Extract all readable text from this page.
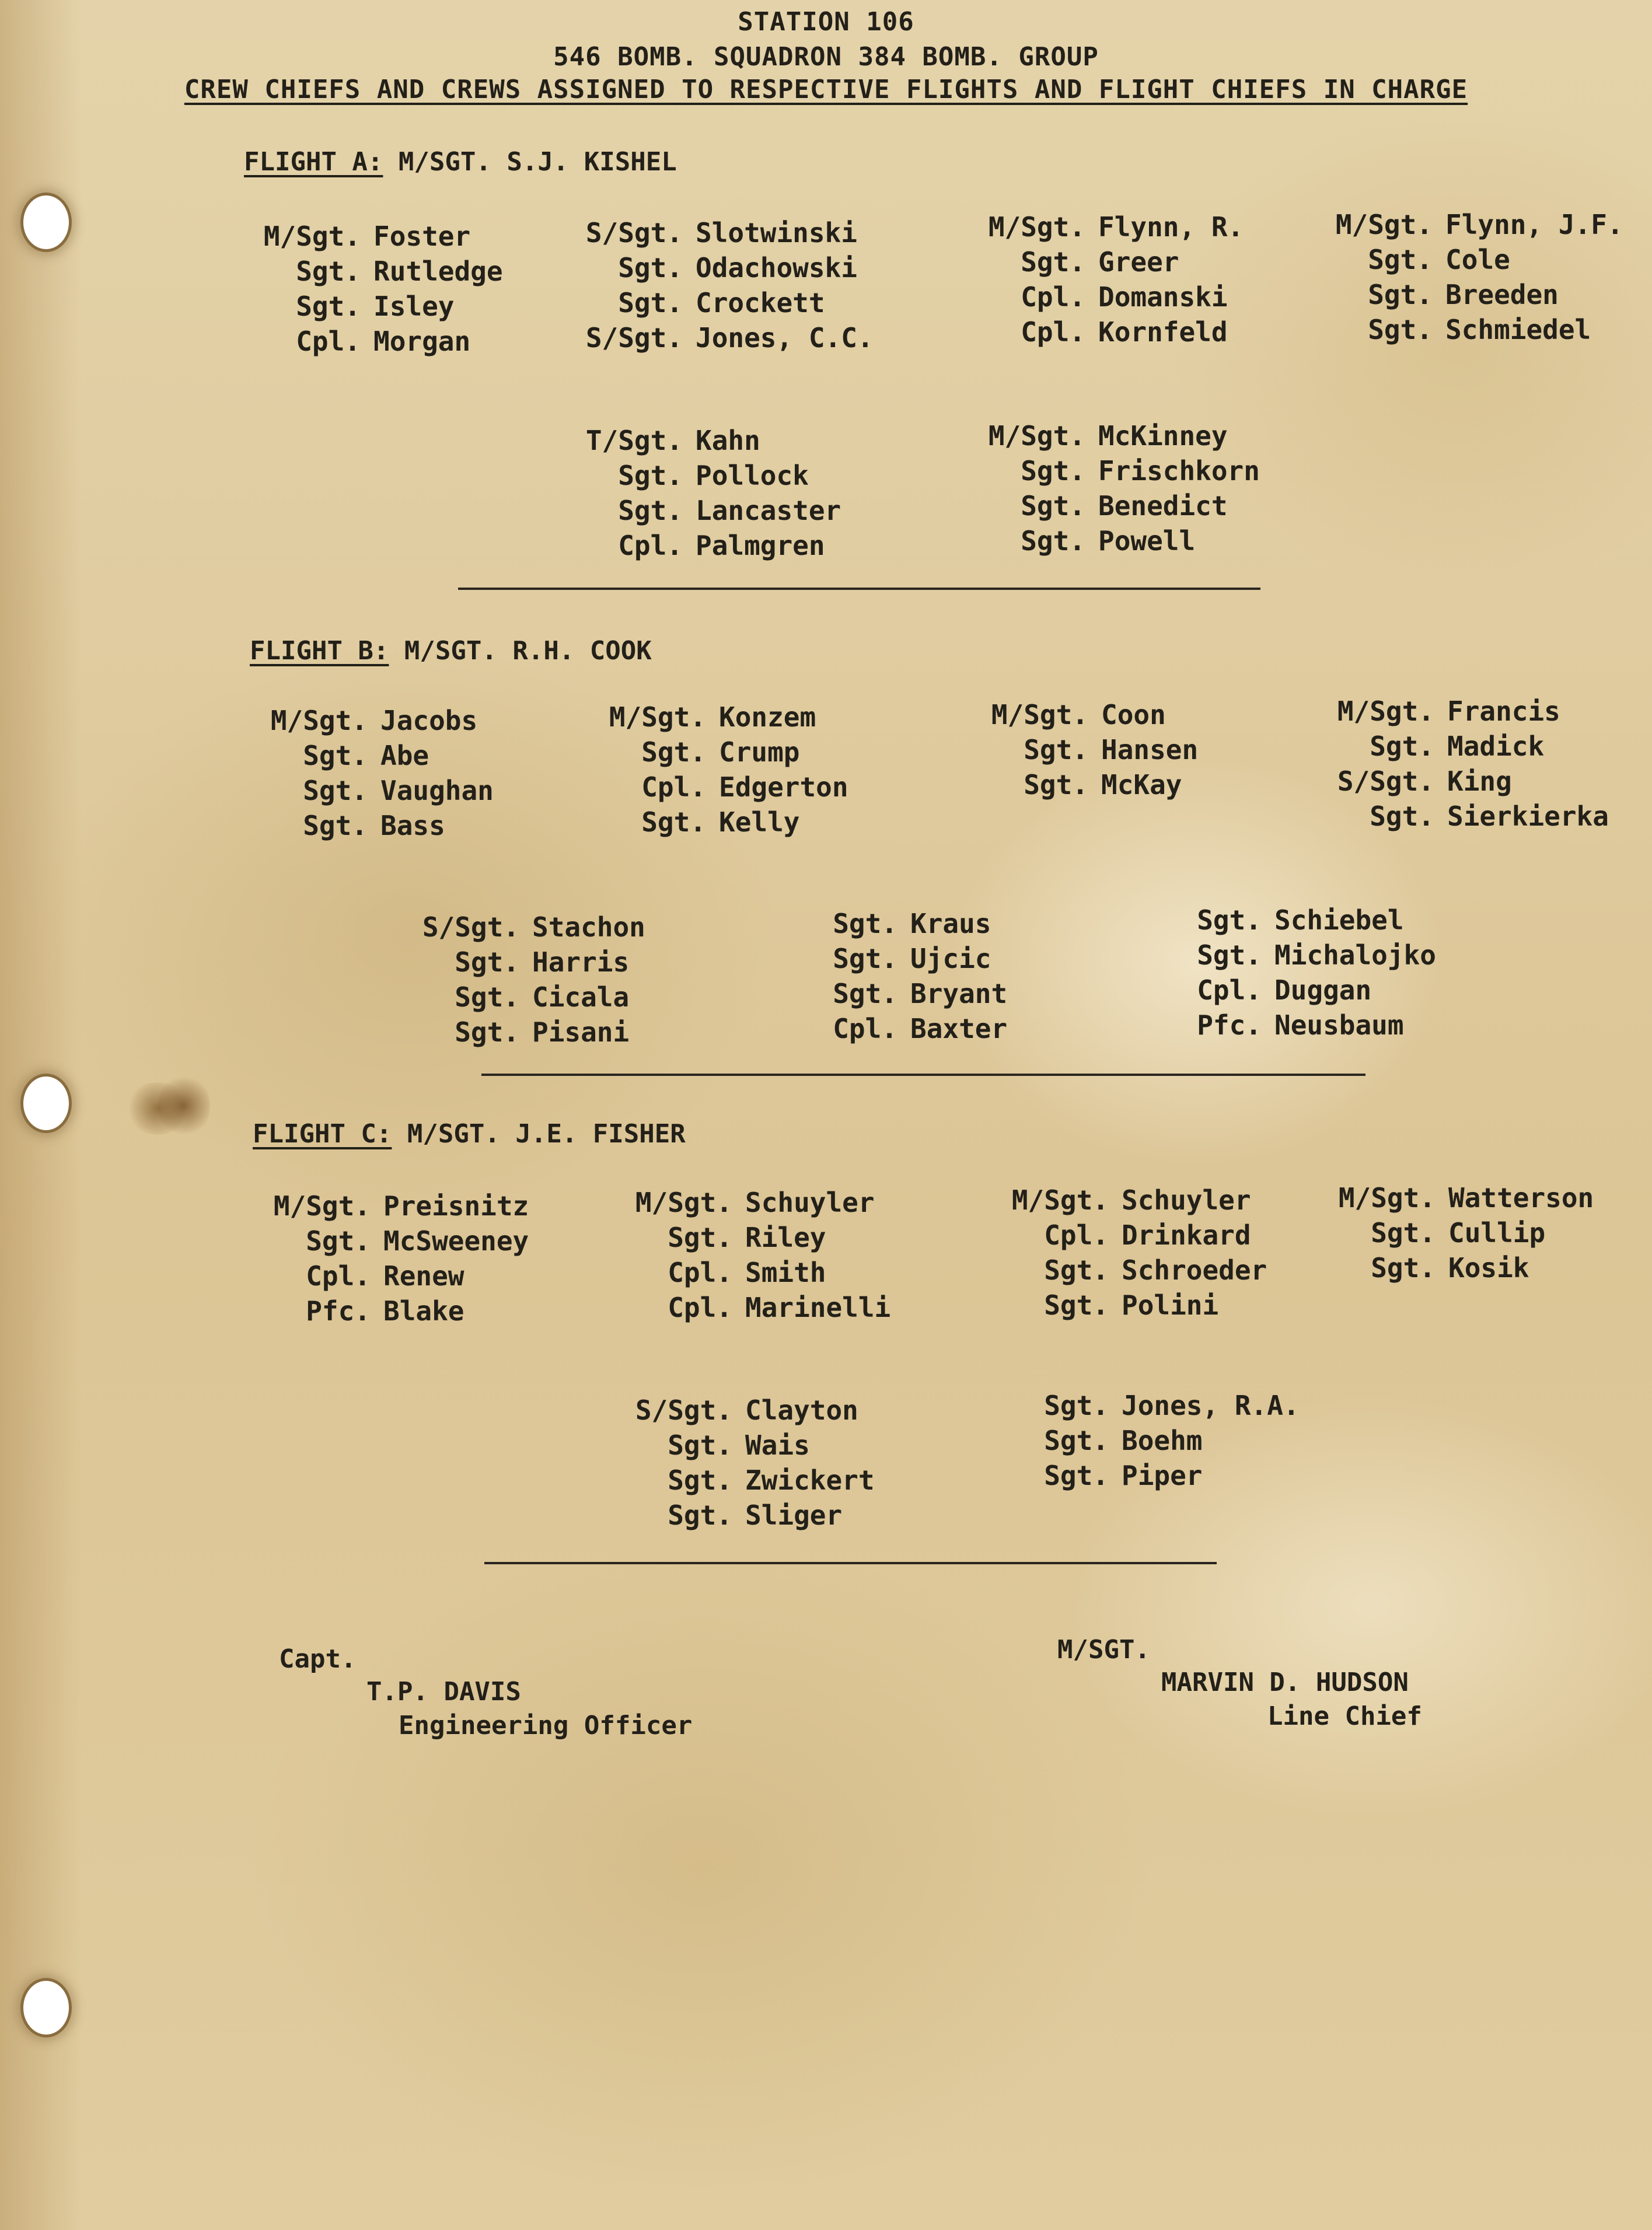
STATION 106
546 BOMB. SQUADRON 384 BOMB. GROUP
CREW CHIEFS AND CREWS ASSIGNED TO RESPECTIVE FLIGHTS AND FLIGHT CHIEFS IN CHARGE
FLIGHT A: M/SGT. S.J. KISHEL
M/Sgt. Foster
Sgt. Rutledge
Sgt. Isley
Cpl. Morgan
S/Sgt. Slotwinski
Sgt. Odachowski
Sgt. Crockett
S/Sgt. Jones, C.C.
M/Sgt. Flynn, R.
Sgt. Greer
Cpl. Domanski
Cpl. Kornfeld
M/Sgt. Flynn, J.F.
Sgt. Cole
Sgt. Breeden
Sgt. Schmiedel
T/Sgt. Kahn
Sgt. Pollock
Sgt. Lancaster
Cpl. Palmgren
M/Sgt. McKinney
Sgt. Frischkorn
Sgt. Benedict
Sgt. Powell
FLIGHT B: M/SGT. R.H. COOK
M/Sgt. Jacobs
Sgt. Abe
Sgt. Vaughan
Sgt. Bass
M/Sgt. Konzem
Sgt. Crump
Cpl. Edgerton
Sgt. Kelly
M/Sgt. Coon
Sgt. Hansen
Sgt. McKay
M/Sgt. Francis
Sgt. Madick
S/Sgt. King
Sgt. Sierkierka
S/Sgt. Stachon
Sgt. Harris
Sgt. Cicala
Sgt. Pisani
Sgt. Kraus
Sgt. Ujcic
Sgt. Bryant
Cpl. Baxter
Sgt. Schiebel
Sgt. Michalojko
Cpl. Duggan
Pfc. Neusbaum
FLIGHT C: M/SGT. J.E. FISHER
M/Sgt. Preisnitz
Sgt. McSweeney
Cpl. Renew
Pfc. Blake
M/Sgt. Schuyler
Sgt. Riley
Cpl. Smith
Cpl. Marinelli
M/Sgt. Schuyler
Cpl. Drinkard
Sgt. Schroeder
Sgt. Polini
M/Sgt. Watterson
Sgt. Cullip
Sgt. Kosik
S/Sgt. Clayton
Sgt. Wais
Sgt. Zwickert
Sgt. Sliger
Sgt. Jones, R.A.
Sgt. Boehm
Sgt. Piper
Capt.
T.P. DAVIS
Engineering Officer
M/SGT.
MARVIN D. HUDSON
Line Chief
